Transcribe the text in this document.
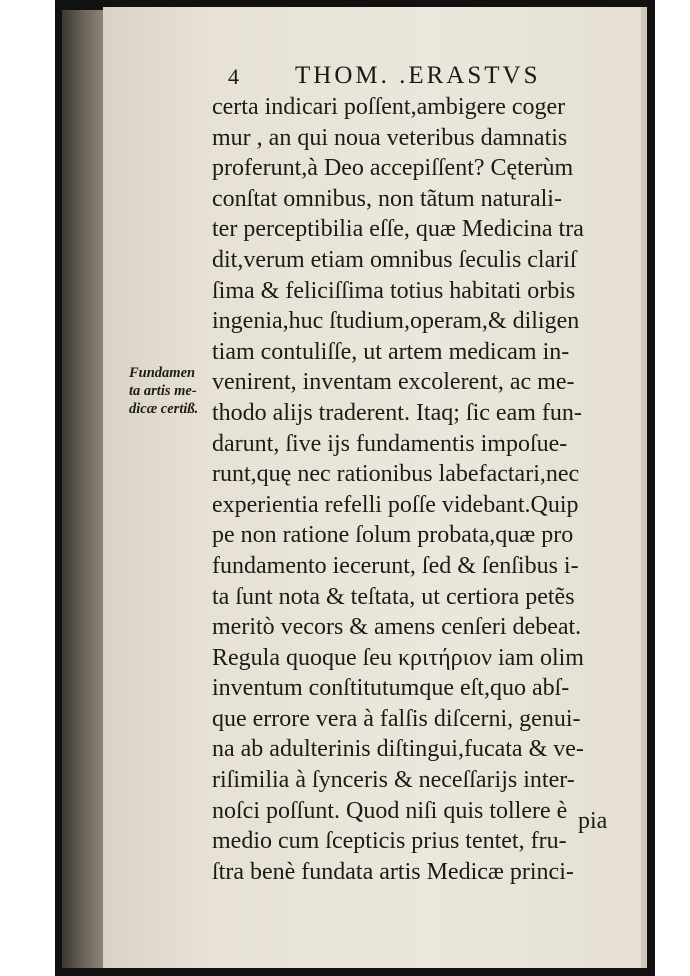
4 THOM. .ERASTVS
Fundamen
ta artis me-
dicæ certiß.
certa indicari poſſent,ambigere coger
mur , an qui noua veteribus damnatis
proferunt,à Deo accepiſſent? Cęterùm
conſtat omnibus, non tãtum naturali-
ter perceptibilia eſſe, quæ Medicina tra
dit,verum etiam omnibus ſeculis clariſ
ſima & feliciſſima totius habitati orbis
ingenia,huc ſtudium,operam,& diligen
tiam contuliſſe, ut artem medicam in-
venirent, inventam excolerent, ac me-
thodo alijs traderent. Itaq; ſic eam fun-
darunt, ſive ijs fundamentis impoſue-
runt,quę nec rationibus labefactari,nec
experientia refelli poſſe videbant.Quip
pe non ratione ſolum probata,quæ pro
fundamento iecerunt, ſed & ſenſibus i-
ta ſunt nota & teſtata, ut certiora petẽs
meritò vecors & amens cenſeri debeat.
Regula quoque ſeu κριτήριον iam olim
inventum conſtitutumque eſt,quo abſ-
que errore vera à falſis diſcerni, genui-
na ab adulterinis diſtingui,fucata & ve-
riſimilia à ſynceris & neceſſarijs inter-
noſci poſſunt. Quod niſi quis tollere è
medio cum ſcepticis prius tentet, fru-
ſtra benè fundata artis Medicæ princi-
pia
